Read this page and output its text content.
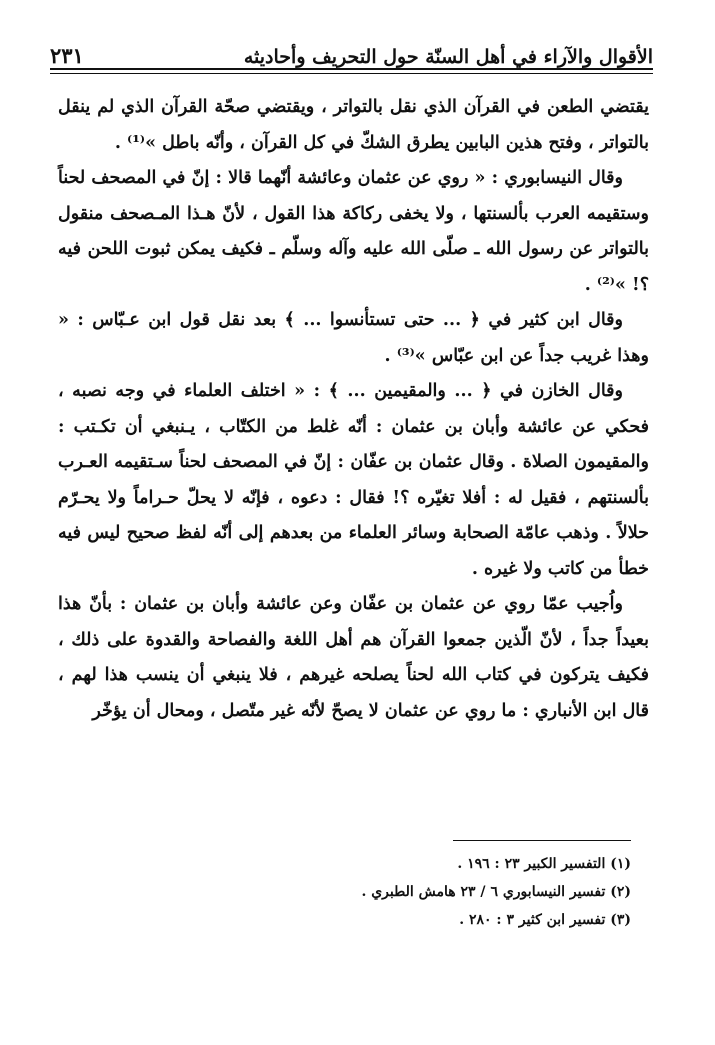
الأقوال والآراء في أهل السنّة حول التحريف وأحاديثه
٢٣١

يقتضي الطعن في القرآن الذي نقل بالتواتر ، ويقتضي صحّة القرآن الذي لم ينقل بالتواتر ، وفتح هذين البابين يطرق الشكّ في كل القرآن ، وأنّه باطل »⁽¹⁾ .

وقال النيسابوري : « روي عن عثمان وعائشة أنّهما قالا : إنّ في المصحف لحناً وستقيمه العرب بألسنتها ، ولا يخفى ركاكة هذا القول ، لأنّ هـذا المـصحف منقول بالتواتر عن رسول الله ـ صلّى الله عليه وآله وسلّم ـ فكيف يمكن ثبوت اللحن فيه ؟! »⁽²⁾ .

وقال ابن كثير في ﴿ ... حتى تستأنسوا ... ﴾ بعد نقل قول ابن عـبّاس : « وهذا غريب جداً عن ابن عبّاس »⁽³⁾ .

وقال الخازن في ﴿ ... والمقيمين ... ﴾ : « اختلف العلماء في وجه نصبه ، فحكي عن عائشة وأبان بن عثمان : أنّه غلط من الكتّاب ، يـنبغي أن تكـتب : والمقيمون الصلاة . وقال عثمان بن عفّان : إنّ في المصحف لحناً سـتقيمه العـرب بألسنتهم ، فقيل له : أفلا تغيّره ؟! فقال : دعوه ، فإنّه لا يحلّ حـراماً ولا يحـرّم حلالاً . وذهب عامّة الصحابة وسائر العلماء من بعدهم إلى أنّه لفظ صحيح ليس فيه خطأ من كاتب ولا غيره .

واُجيب عمّا روي عن عثمان بن عفّان وعن عائشة وأبان بن عثمان : بأنّ هذا بعيداً جداً ، لأنّ الّذين جمعوا القرآن هم أهل اللغة والفصاحة والقدوة على ذلك ، فكيف يتركون في كتاب الله لحناً يصلحه غيرهم ، فلا ينبغي أن ينسب هذا لهم ، قال ابن الأنباري : ما روي عن عثمان لا يصحّ لأنّه غير متّصل ، ومحال أن يؤخّر

(١) التفسير الكبير ٢٣ : ١٩٦ .

(٢) تفسير النيسابوري ٦ / ٢٣ هامش الطبري .

(٣) تفسير ابن كثير ٣ : ٢٨٠ .
